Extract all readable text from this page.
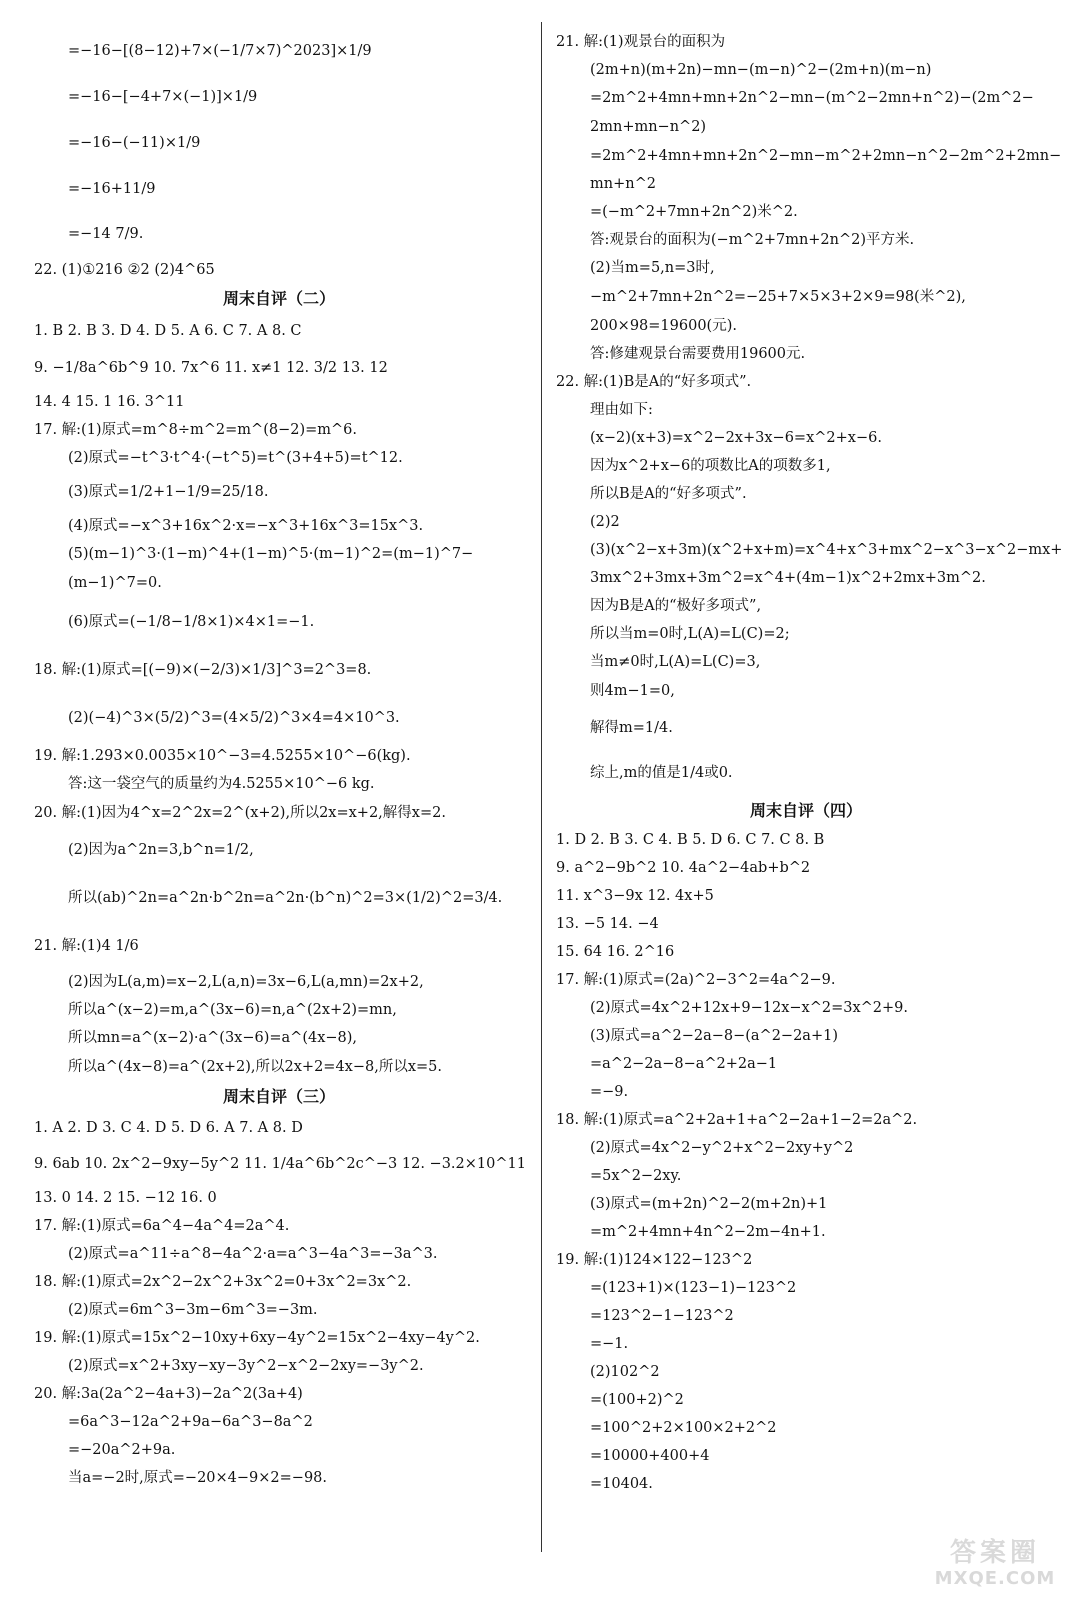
=−16−[(8−12)+7×(−1/7×7)^2023]×1/9
=−16−[−4+7×(−1)]×1/9
=−16−(−11)×1/9
=−16+11/9
=−14 7/9.
22. (1)①216 ②2 (2)4^65
周末自评（二）
1. B 2. B 3. D 4. D 5. A 6. C 7. A 8. C
9. −1/8a^6b^9 10. 7x^6 11. x≠1 12. 3/2 13. 12
14. 4 15. 1 16. 3^11
17. 解:(1)原式=m^8÷m^2=m^(8−2)=m^6.
(2)原式=−t^3·t^4·(−t^5)=t^(3+4+5)=t^12.
(3)原式=1/2+1−1/9=25/18.
(4)原式=−x^3+16x^2·x=−x^3+16x^3=15x^3.
(5)(m−1)^3·(1−m)^4+(1−m)^5·(m−1)^2=(m−1)^7−
(m−1)^7=0.
(6)原式=(−1/8−1/8×1)×4×1=−1.
18. 解:(1)原式=[(−9)×(−2/3)×1/3]^3=2^3=8.
(2)(−4)^3×(5/2)^3=(4×5/2)^3×4=4×10^3.
19. 解:1.293×0.0035×10^−3=4.5255×10^−6(kg).
答:这一袋空气的质量约为4.5255×10^−6 kg.
20. 解:(1)因为4^x=2^2x=2^(x+2),所以2x=x+2,解得x=2.
(2)因为a^2n=3,b^n=1/2,
所以(ab)^2n=a^2n·b^2n=a^2n·(b^n)^2=3×(1/2)^2=3/4.
21. 解:(1)4 1/6
(2)因为L(a,m)=x−2,L(a,n)=3x−6,L(a,mn)=2x+2,
所以a^(x−2)=m,a^(3x−6)=n,a^(2x+2)=mn,
所以mn=a^(x−2)·a^(3x−6)=a^(4x−8),
所以a^(4x−8)=a^(2x+2),所以2x+2=4x−8,所以x=5.
周末自评（三）
1. A 2. D 3. C 4. D 5. D 6. A 7. A 8. D
9. 6ab 10. 2x^2−9xy−5y^2 11. 1/4a^6b^2c^−3 12. −3.2×10^11
13. 0 14. 2 15. −12 16. 0
17. 解:(1)原式=6a^4−4a^4=2a^4.
(2)原式=a^11÷a^8−4a^2·a=a^3−4a^3=−3a^3.
18. 解:(1)原式=2x^2−2x^2+3x^2=0+3x^2=3x^2.
(2)原式=6m^3−3m−6m^3=−3m.
19. 解:(1)原式=15x^2−10xy+6xy−4y^2=15x^2−4xy−4y^2.
(2)原式=x^2+3xy−xy−3y^2−x^2−2xy=−3y^2.
20. 解:3a(2a^2−4a+3)−2a^2(3a+4)
=6a^3−12a^2+9a−6a^3−8a^2
=−20a^2+9a.
当a=−2时,原式=−20×4−9×2=−98.
21. 解:(1)观景台的面积为
(2m+n)(m+2n)−mn−(m−n)^2−(2m+n)(m−n)
=2m^2+4mn+mn+2n^2−mn−(m^2−2mn+n^2)−(2m^2−
2mn+mn−n^2)
=2m^2+4mn+mn+2n^2−mn−m^2+2mn−n^2−2m^2+2mn−
mn+n^2
=(−m^2+7mn+2n^2)米^2.
答:观景台的面积为(−m^2+7mn+2n^2)平方米.
(2)当m=5,n=3时,
−m^2+7mn+2n^2=−25+7×5×3+2×9=98(米^2),
200×98=19600(元).
答:修建观景台需要费用19600元.
22. 解:(1)B是A的“好多项式”.
理由如下:
(x−2)(x+3)=x^2−2x+3x−6=x^2+x−6.
因为x^2+x−6的项数比A的项数多1,
所以B是A的“好多项式”.
(2)2
(3)(x^2−x+3m)(x^2+x+m)=x^4+x^3+mx^2−x^3−x^2−mx+
3mx^2+3mx+3m^2=x^4+(4m−1)x^2+2mx+3m^2.
因为B是A的“极好多项式”,
所以当m=0时,L(A)=L(C)=2;
当m≠0时,L(A)=L(C)=3,
则4m−1=0,
解得m=1/4.
综上,m的值是1/4或0.
周末自评（四）
1. D 2. B 3. C 4. B 5. D 6. C 7. C 8. B
9. a^2−9b^2 10. 4a^2−4ab+b^2
11. x^3−9x 12. 4x+5
13. −5 14. −4
15. 64 16. 2^16
17. 解:(1)原式=(2a)^2−3^2=4a^2−9.
(2)原式=4x^2+12x+9−12x−x^2=3x^2+9.
(3)原式=a^2−2a−8−(a^2−2a+1)
=a^2−2a−8−a^2+2a−1
=−9.
18. 解:(1)原式=a^2+2a+1+a^2−2a+1−2=2a^2.
(2)原式=4x^2−y^2+x^2−2xy+y^2
=5x^2−2xy.
(3)原式=(m+2n)^2−2(m+2n)+1
=m^2+4mn+4n^2−2m−4n+1.
19. 解:(1)124×122−123^2
=(123+1)×(123−1)−123^2
=123^2−1−123^2
=−1.
(2)102^2
=(100+2)^2
=100^2+2×100×2+2^2
=10000+400+4
=10404.
答案圈
MXQE.COM
